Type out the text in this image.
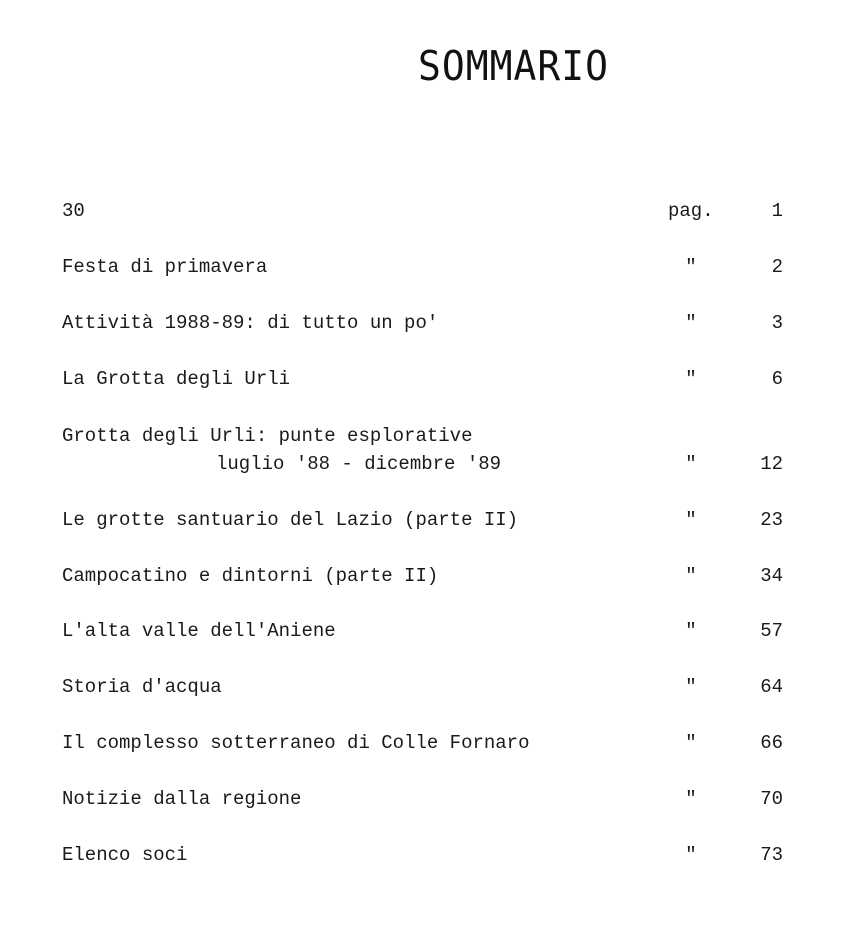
SOMMARIO
30	pag.	1
Festa di primavera	"	2
Attività 1988-89: di tutto un po'	"	3
La Grotta degli Urli	"	6
Grotta degli Urli: punte esplorative
luglio '88 - dicembre '89	"	12
Le grotte santuario del Lazio (parte II)	"	23
Campocatino e dintorni (parte II)	"	34
L'alta valle dell'Aniene	"	57
Storia d'acqua	"	64
Il complesso sotterraneo di Colle Fornaro	"	66
Notizie dalla regione	"	70
Elenco soci	"	73
